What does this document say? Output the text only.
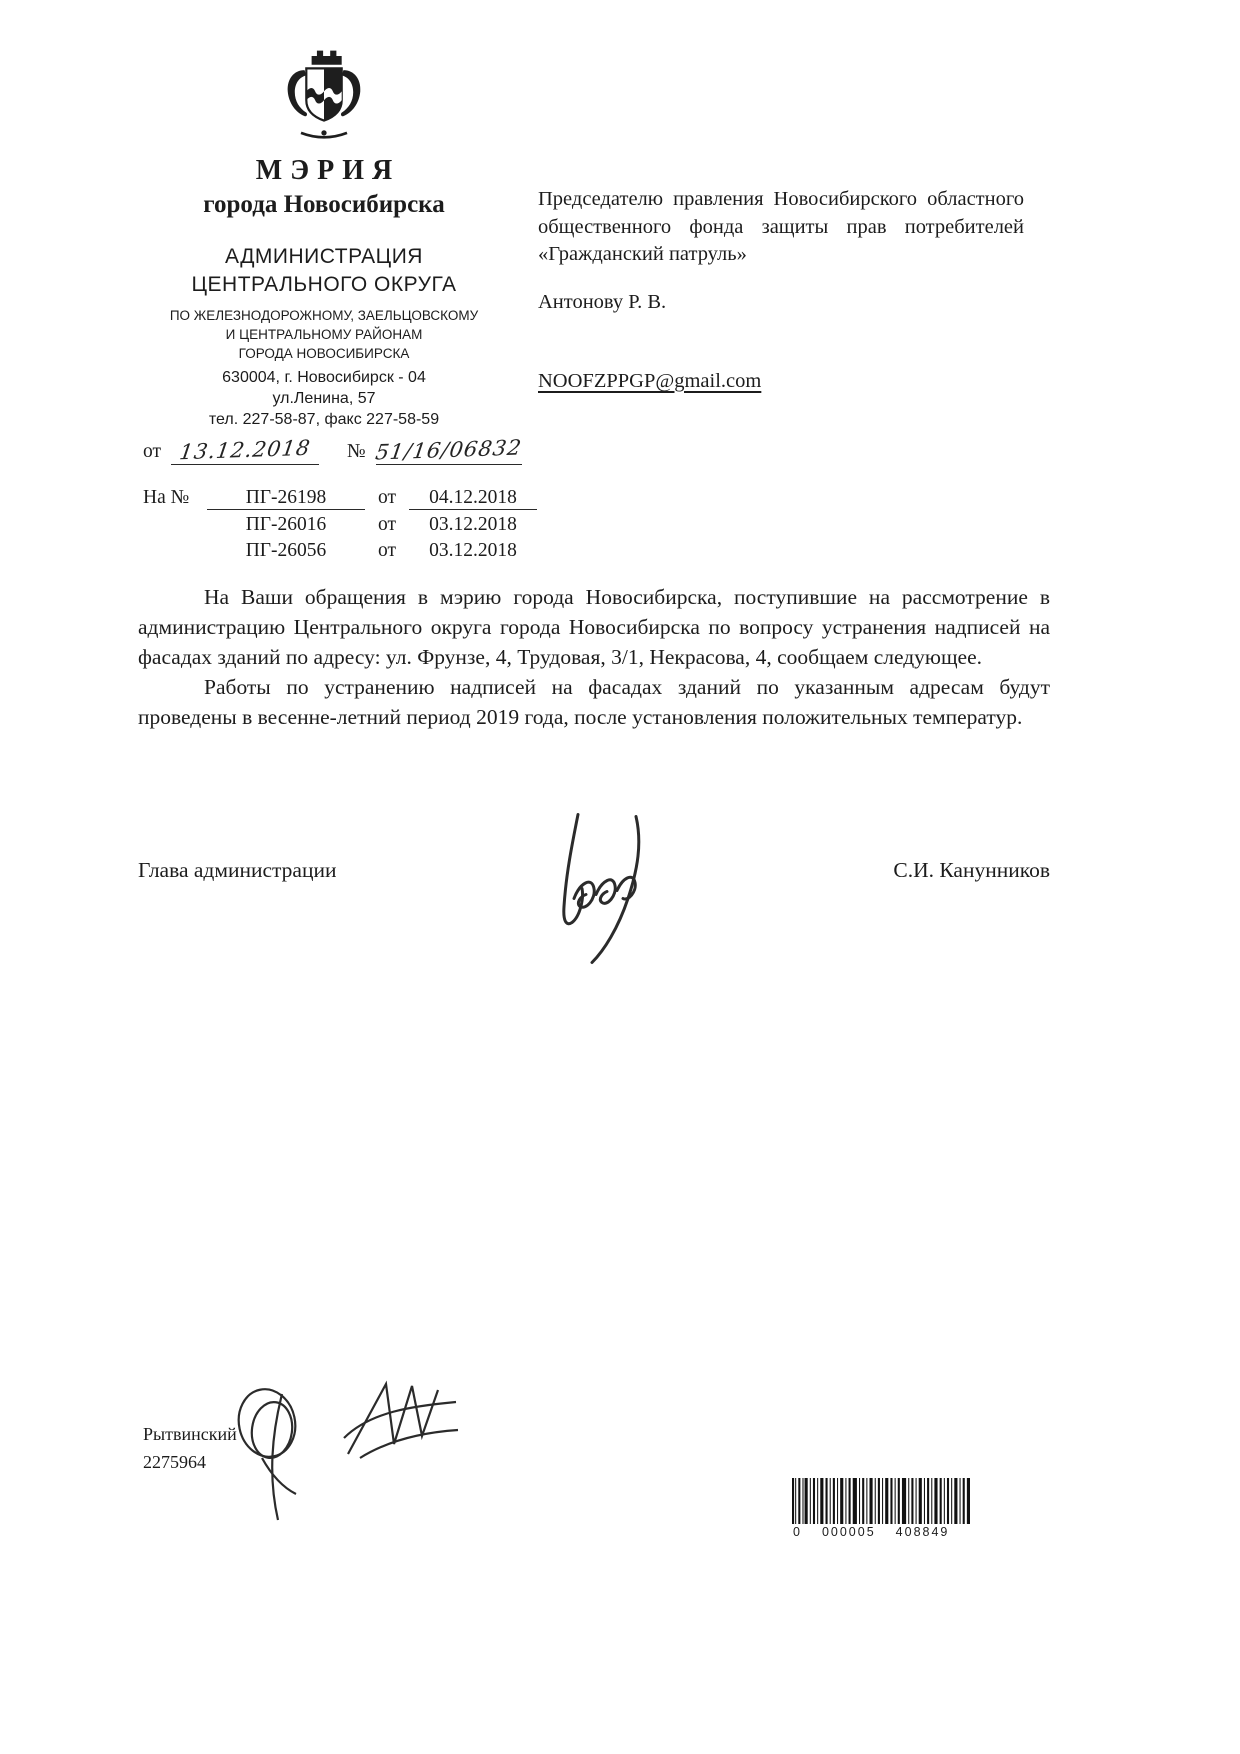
МЭРИЯ
города Новосибирска
АДМИНИСТРАЦИЯ
ЦЕНТРАЛЬНОГО ОКРУГА
ПО ЖЕЛЕЗНОДОРОЖНОМУ, ЗАЕЛЬЦОВСКОМУ
И ЦЕНТРАЛЬНОМУ РАЙОНАМ
ГОРОДА НОВОСИБИРСКА
630004, г. Новосибирск - 04
ул.Ленина, 57
тел. 227-58-87, факс 227-58-59
Председателю правления Новосибирского областного общественного фонда защиты прав потребителей «Гражданский патруль»
Антонову Р. В.
NOOFZPPGP@gmail.com
от 13.12.2018	№ 51/16/06832
На №	ПГ-26198	от	04.12.2018
ПГ-26016	от	03.12.2018
ПГ-26056	от	03.12.2018

На Ваши обращения в мэрию города Новосибирска, поступившие на рассмотрение в администрацию Центрального округа города Новосибирска по вопросу устранения надписей на фасадах зданий по адресу: ул. Фрунзе, 4, Трудовая, 3/1, Некрасова, 4, сообщаем следующее.

Работы по устранению надписей на фасадах зданий по указанным адресам будут проведены в весенне-летний период 2019 года, после установления положительных температур.

Глава администрации	С.И. Канунников
Рытвинский
2275964
0 000005 408849
